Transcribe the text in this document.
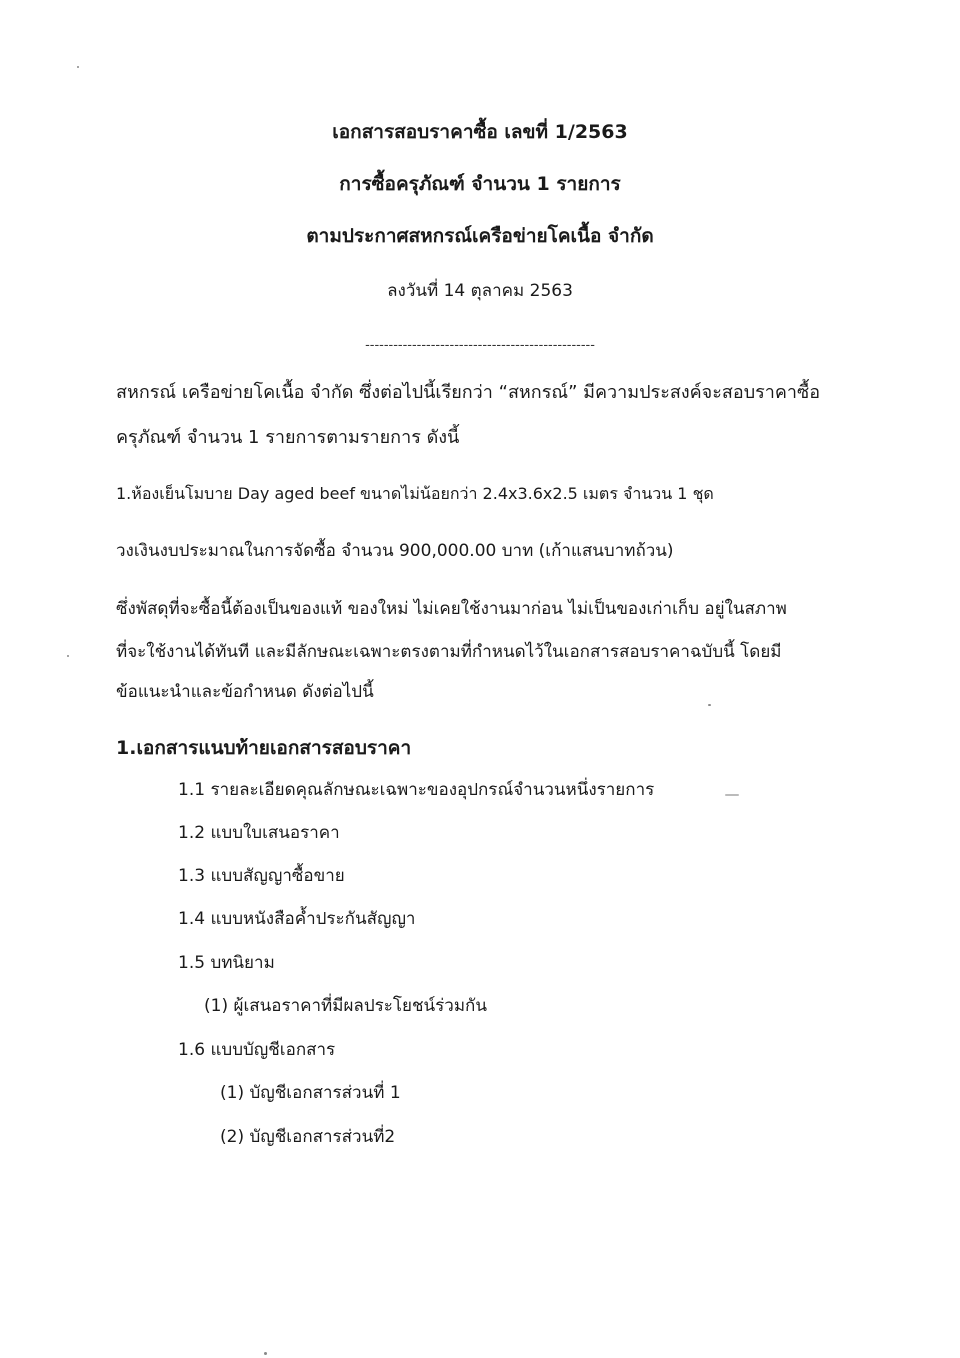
เอกสารสอบราคาซื้อ เลขที่ 1/2563
การซื้อครุภัณฑ์ จำนวน 1 รายการ
ตามประกาศสหกรณ์เครือข่ายโคเนื้อ จำกัด
ลงวันที่ 14 ตุลาคม 2563
-------------------------------------------------
สหกรณ์ เครือข่ายโคเนื้อ จำกัด ซึ่งต่อไปนี้เรียกว่า “สหกรณ์” มีความประสงค์จะสอบราคาซื้อ
ครุภัณฑ์ จำนวน 1 รายการตามรายการ ดังนี้
1.ห้องเย็นโมบาย Day aged beef ขนาดไม่น้อยกว่า 2.4x3.6x2.5 เมตร จำนวน 1 ชุด
วงเงินงบประมาณในการจัดซื้อ จำนวน 900,000.00 บาท (เก้าแสนบาทถ้วน)
ซึ่งพัสดุที่จะซื้อนี้ต้องเป็นของแท้ ของใหม่ ไม่เคยใช้งานมาก่อน ไม่เป็นของเก่าเก็บ อยู่ในสภาพ
ที่จะใช้งานได้ทันที และมีลักษณะเฉพาะตรงตามที่กำหนดไว้ในเอกสารสอบราคาฉบับนี้ โดยมี
ข้อแนะนำและข้อกำหนด ดังต่อไปนี้
1.เอกสารแนบท้ายเอกสารสอบราคา
1.1 รายละเอียดคุณลักษณะเฉพาะของอุปกรณ์จำนวนหนึ่งรายการ
1.2 แบบใบเสนอราคา
1.3 แบบสัญญาซื้อขาย
1.4 แบบหนังสือค้ำประกันสัญญา
1.5 บทนิยาม
(1) ผู้เสนอราคาที่มีผลประโยชน์ร่วมกัน
1.6 แบบบัญชีเอกสาร
(1) บัญชีเอกสารส่วนที่ 1
(2) บัญชีเอกสารส่วนที่2
